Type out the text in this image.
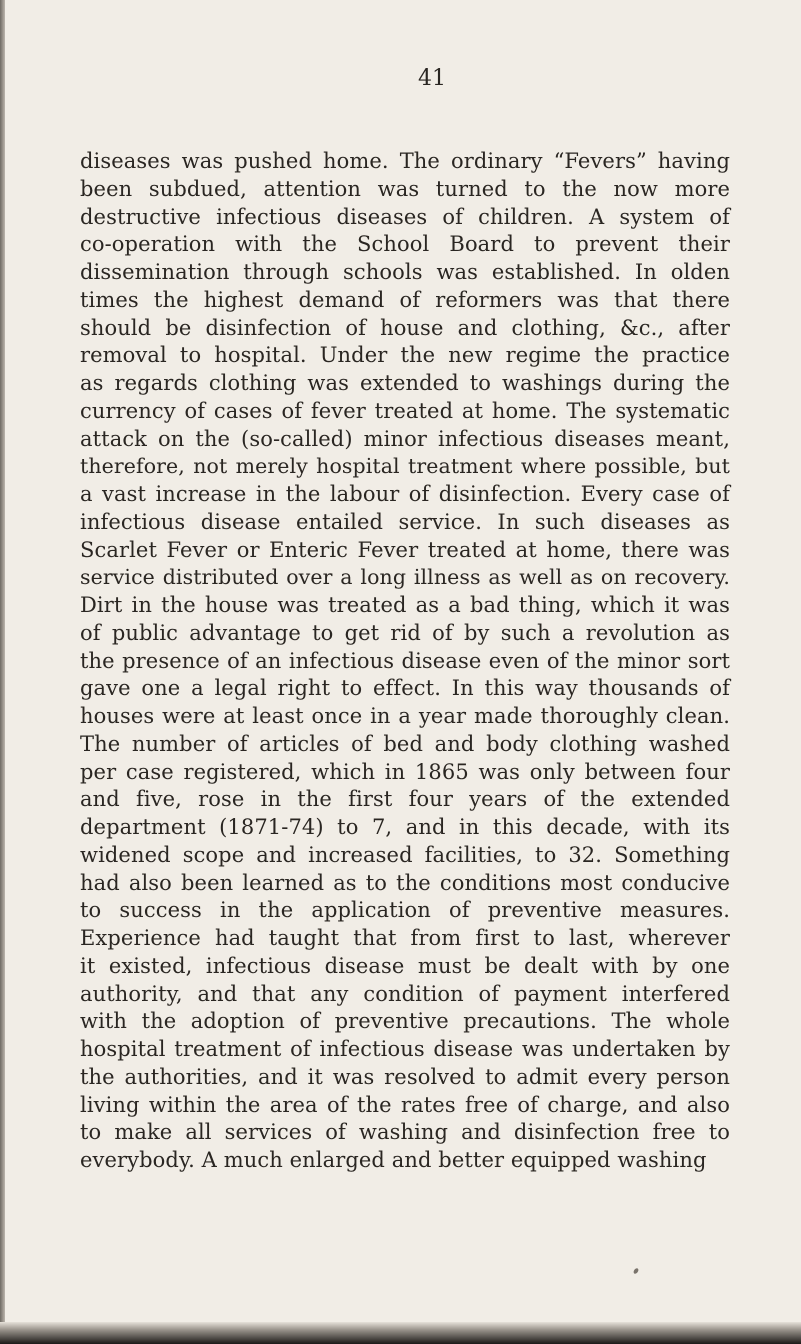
41

diseases was pushed home. The ordinary “Fevers” having
been subdued, attention was turned to the now more
destructive infectious diseases of children. A system of
co-operation with the School Board to prevent their
dissemination through schools was established. In olden
times the highest demand of reformers was that there
should be disinfection of house and clothing, &c., after
removal to hospital. Under the new regime the practice
as regards clothing was extended to washings during the
currency of cases of fever treated at home. The systematic
attack on the (so-called) minor infectious diseases meant,
therefore, not merely hospital treatment where possible, but
a vast increase in the labour of disinfection. Every case of
infectious disease entailed service. In such diseases as
Scarlet Fever or Enteric Fever treated at home, there was
service distributed over a long illness as well as on recovery.
Dirt in the house was treated as a bad thing, which it was
of public advantage to get rid of by such a revolution as
the presence of an infectious disease even of the minor sort
gave one a legal right to effect. In this way thousands of
houses were at least once in a year made thoroughly clean.
The number of articles of bed and body clothing washed
per case registered, which in 1865 was only between four
and five, rose in the first four years of the extended
department (1871-74) to 7, and in this decade, with its
widened scope and increased facilities, to 32. Something
had also been learned as to the conditions most conducive
to success in the application of preventive measures.
Experience had taught that from first to last, wherever
it existed, infectious disease must be dealt with by one
authority, and that any condition of payment interfered
with the adoption of preventive precautions. The whole
hospital treatment of infectious disease was undertaken by
the authorities, and it was resolved to admit every person
living within the area of the rates free of charge, and also
to make all services of washing and disinfection free to
everybody. A much enlarged and better equipped washing
